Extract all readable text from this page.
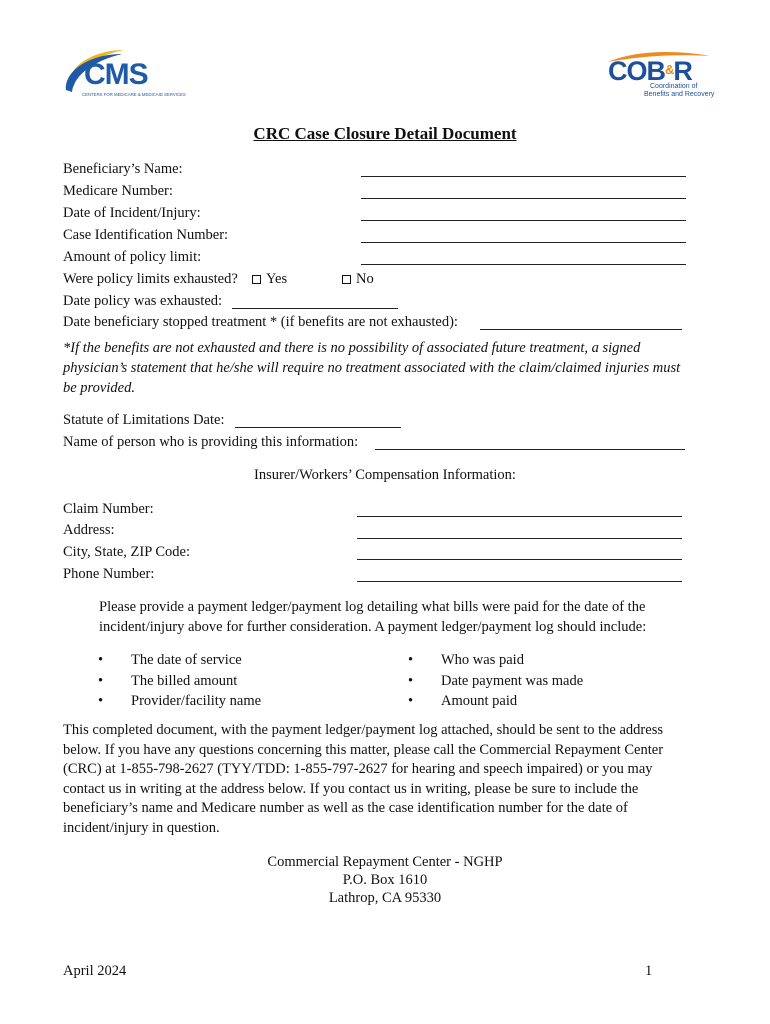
CMS
CENTERS FOR MEDICARE & MEDICAID SERVICES
COB&R
Coordination of
Benefits and Recovery
CRC Case Closure Detail Document
Beneficiary’s Name:
Medicare Number:
Date of Incident/Injury:
Case Identification Number:
Amount of policy limit:
Were policy limits exhausted?	Yes	No
Date policy was exhausted:
Date beneficiary stopped treatment * (if benefits are not exhausted):
*If the benefits are not exhausted and there is no possibility of associated future treatment, a signed physician’s statement that he/she will require no treatment associated with the claim/claimed injuries must be provided.
Statute of Limitations Date:
Name of person who is providing this information:
Insurer/Workers’ Compensation Information:
Claim Number:
Address:
City, State, ZIP Code:
Phone Number:
Please provide a payment ledger/payment log detailing what bills were paid for the date of the incident/injury above for further consideration. A payment ledger/payment log should include:
• The date of service
• The billed amount
• Provider/facility name
• Who was paid
• Date payment was made
• Amount paid
This completed document, with the payment ledger/payment log attached, should be sent to the address below. If you have any questions concerning this matter, please call the Commercial Repayment Center (CRC) at 1-855-798-2627 (TYY/TDD: 1-855-797-2627 for hearing and speech impaired) or you may contact us in writing at the address below. If you contact us in writing, please be sure to include the beneficiary’s name and Medicare number as well as the case identification number for the date of incident/injury in question.
Commercial Repayment Center - NGHP
P.O. Box 1610
Lathrop, CA 95330
April 2024	1
